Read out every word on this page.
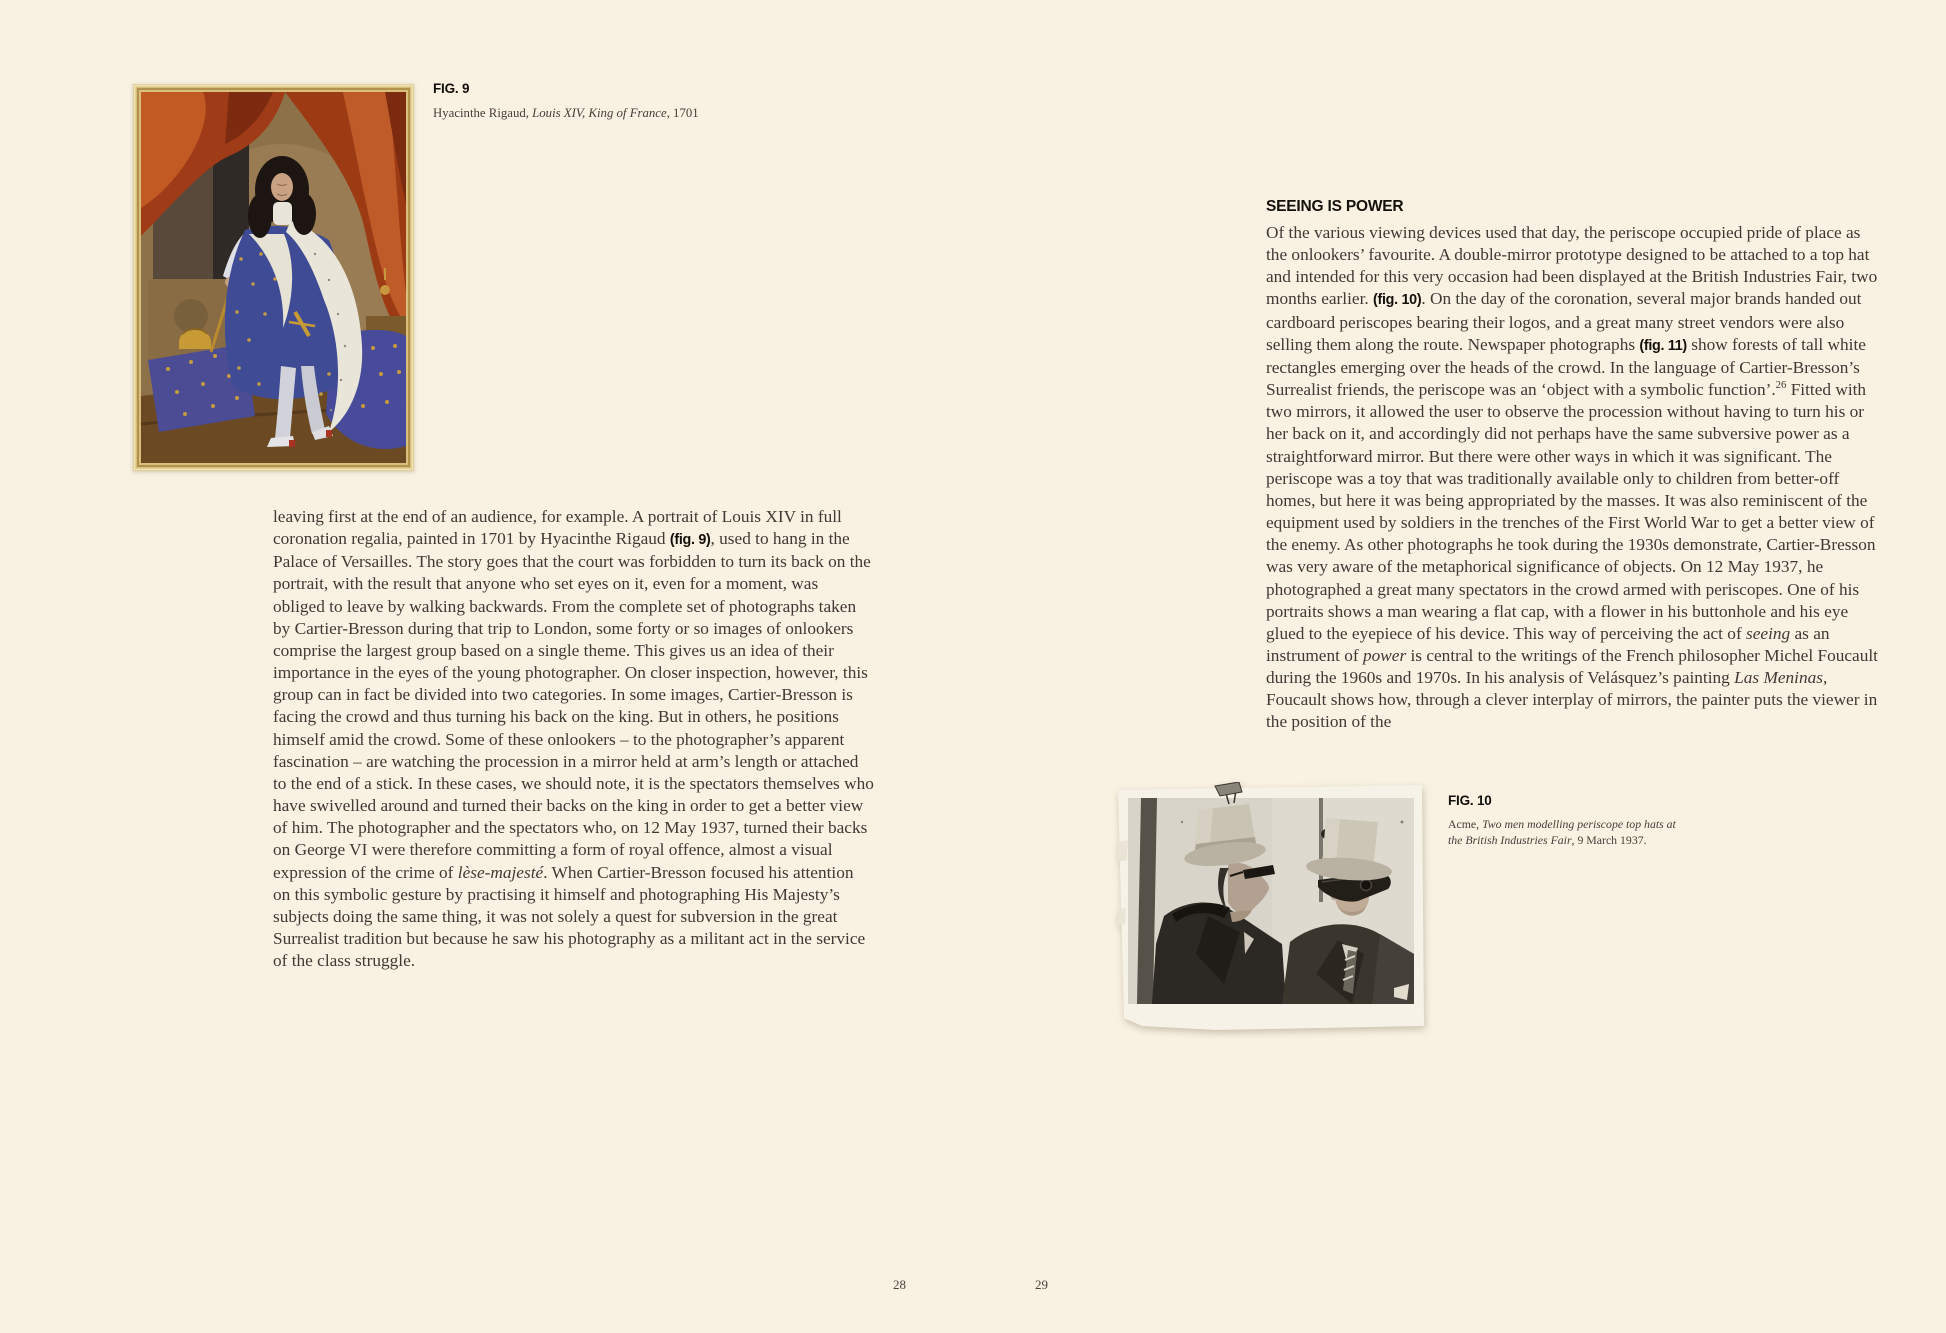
FIG. 9
Hyacinthe Rigaud, Louis XIV, King of France, 1701
leaving first at the end of an audience, for example. A portrait of Louis XIV in full coronation regalia, painted in 1701 by Hyacinthe Rigaud (fig. 9), used to hang in the Palace of Versailles. The story goes that the court was forbidden to turn its back on the portrait, with the result that anyone who set eyes on it, even for a moment, was obliged to leave by walking backwards. From the complete set of photographs taken by Cartier-Bresson during that trip to London, some forty or so images of onlookers comprise the largest group based on a single theme. This gives us an idea of their importance in the eyes of the young photographer. On closer inspection, however, this group can in fact be divided into two categories. In some images, Cartier-Bresson is facing the crowd and thus turning his back on the king. But in others, he positions himself amid the crowd. Some of these onlookers – to the photographer’s apparent fascination – are watching the procession in a mirror held at arm’s length or attached to the end of a stick. In these cases, we should note, it is the spectators themselves who have swivelled around and turned their backs on the king in order to get a better view of him. The photographer and the spectators who, on 12 May 1937, turned their backs on George VI were therefore committing a form of royal offence, almost a visual expression of the crime of lèse-majesté. When Cartier-Bresson focused his attention on this symbolic gesture by practising it himself and photographing His Majesty’s subjects doing the same thing, it was not solely a quest for subversion in the great Surrealist tradition but because he saw his photography as a militant act in the service of the class struggle.
28
SEEING IS POWER
Of the various viewing devices used that day, the periscope occupied pride of place as the onlookers’ favourite. A double-mirror prototype designed to be attached to a top hat and intended for this very occasion had been displayed at the British Industries Fair, two months earlier. (fig. 10). On the day of the coronation, several major brands handed out cardboard periscopes bearing their logos, and a great many street vendors were also selling them along the route. Newspaper photographs (fig. 11) show forests of tall white rectangles emerging over the heads of the crowd. In the language of Cartier-Bresson’s Surrealist friends, the periscope was an ‘object with a symbolic function’.$^{26}$ Fitted with two mirrors, it allowed the user to observe the procession without having to turn his or her back on it, and accordingly did not perhaps have the same subversive power as a straightforward mirror. But there were other ways in which it was significant. The periscope was a toy that was traditionally available only to children from better-off homes, but here it was being appropriated by the masses. It was also reminiscent of the equipment used by soldiers in the trenches of the First World War to get a better view of the enemy. As other photographs he took during the 1930s demonstrate, Cartier-Bresson was very aware of the metaphorical significance of objects. On 12 May 1937, he photographed a great many spectators in the crowd armed with periscopes. One of his portraits shows a man wearing a flat cap, with a flower in his buttonhole and his eye glued to the eyepiece of his device. This way of perceiving the act of seeing as an instrument of power is central to the writings of the French philosopher Michel Foucault during the 1960s and 1970s. In his analysis of Velásquez’s painting Las Meninas, Foucault shows how, through a clever interplay of mirrors, the painter puts the viewer in the position of the
FIG. 10
Acme, Two men modelling periscope top hats at the British Industries Fair, 9 March 1937.
29
